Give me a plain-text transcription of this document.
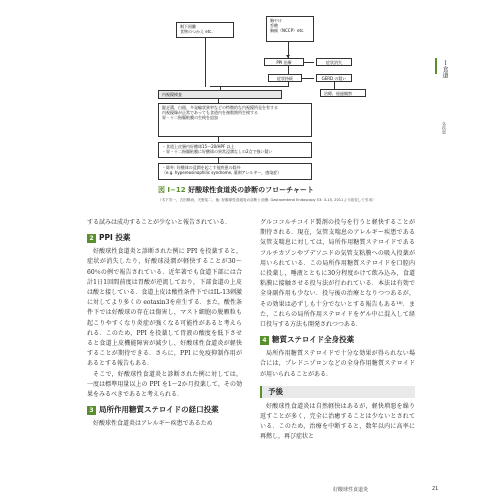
咽下困難
食物のつかえ etc.
胸やけ
呑酸
胸痛（NCCP）etc.
PPI 治療	症状消失
症状持続	GERD の疑い
治療，経過観察
内視鏡検査
縦走溝，白斑，多発輪状狭窄などの特徴的な内視鏡所見を有する
内視鏡像が正常であっても食道内を複数箇所生検する
胃・十二指腸粘膜の生検を追加
・食道上皮層内好酸球15～20/HPF 以上
・胃・十二指腸粘膜に好酸球の異常浸潤なしの2点で強い疑い
・除外: 好酸球の浸潤を起こす他疾患の除外
（e.g. hypereosinophilic syndrome, 薬剤アレルギー，感染症）
図 I−12 好酸球性食道炎の診断のフローチャート
（木下芳一，古田賢治，天野祐二，他: 好酸球性食道炎の診断と治療. Gastroenterol Endoscopy 53: 3-15, 2011より改変して引用）
Ｉ食道
各疾患

する試みは成功することが少ないと報告されている．

2 PPI 投薬

好酸球性食道炎と診断された例に PPI を投薬すると，症状が消失したり，好酸球浸潤が軽快することが30～60％の例で報告されている．近年著でも食道下部には合計1日1回間前度は胃酸が逆流しており，下部食道の上皮は酸と接している．食道上皮は酸性条件下ではIL-13刺激に対してより多くの eotaxin3を産生する．また，酸性条件下では好酸球の存在は傷害し，マスト細胞の脱顆粒も起こりやすくなり炎症が強くなる可能性があると考えられる．このため，PPI を投薬して胃液の酸度を低下させると食道上皮機能障害が減少し，好酸球性食道炎が軽快することが期待できる．さらに，PPI に免疫抑制作用があるとする報告もある．

そこで，好酸球性食道炎と診断された例に対しては，一度は標準用量以上の PPI を1～2か月投薬して，その効果をみるべきであると考えられる．

3 局所作用糖質ステロイドの経口投薬

好酸球性食道炎はアレルギー疾患であるため

グルココルチコイド製剤の投与を行うと軽快することが期待される．現在，気管支喘息のアレルギー疾患である気管支喘息に対しては，局所作用糖質ステロイドであるフルチカゾンやブデソニドの気管支粘膜への吸入投薬が用いられている．この局所作用糖質ステロイドを口腔内に投薬し，唾液とともに30分程度かけて飲み込み，食道粘膜に接触させる投与法が行われている．本法は有効で全身副作用も少ない．投与後の治療となりつつあるが，その効果は必ずしも十分でないとする報告もある¹⁸⁾．また，これらの局所作用ステロイドをゲル中に混入して経口投与する方法も開発されつつある．

4 糖質ステロイド全身投薬

局所作用糖質ステロイドで十分な効果が得られない場合には，プレドニゾロンなどの全身作用糖質ステロイドが用いられることがある．

予後

好酸球性食道炎は自然軽快はあるが，軽快増悪を繰り返すことが多く，完全に治癒することは少ないとされている．このため，治療を中断すると，数年以内に高率に再燃し，再び症状と

好酸球性食道炎	21
